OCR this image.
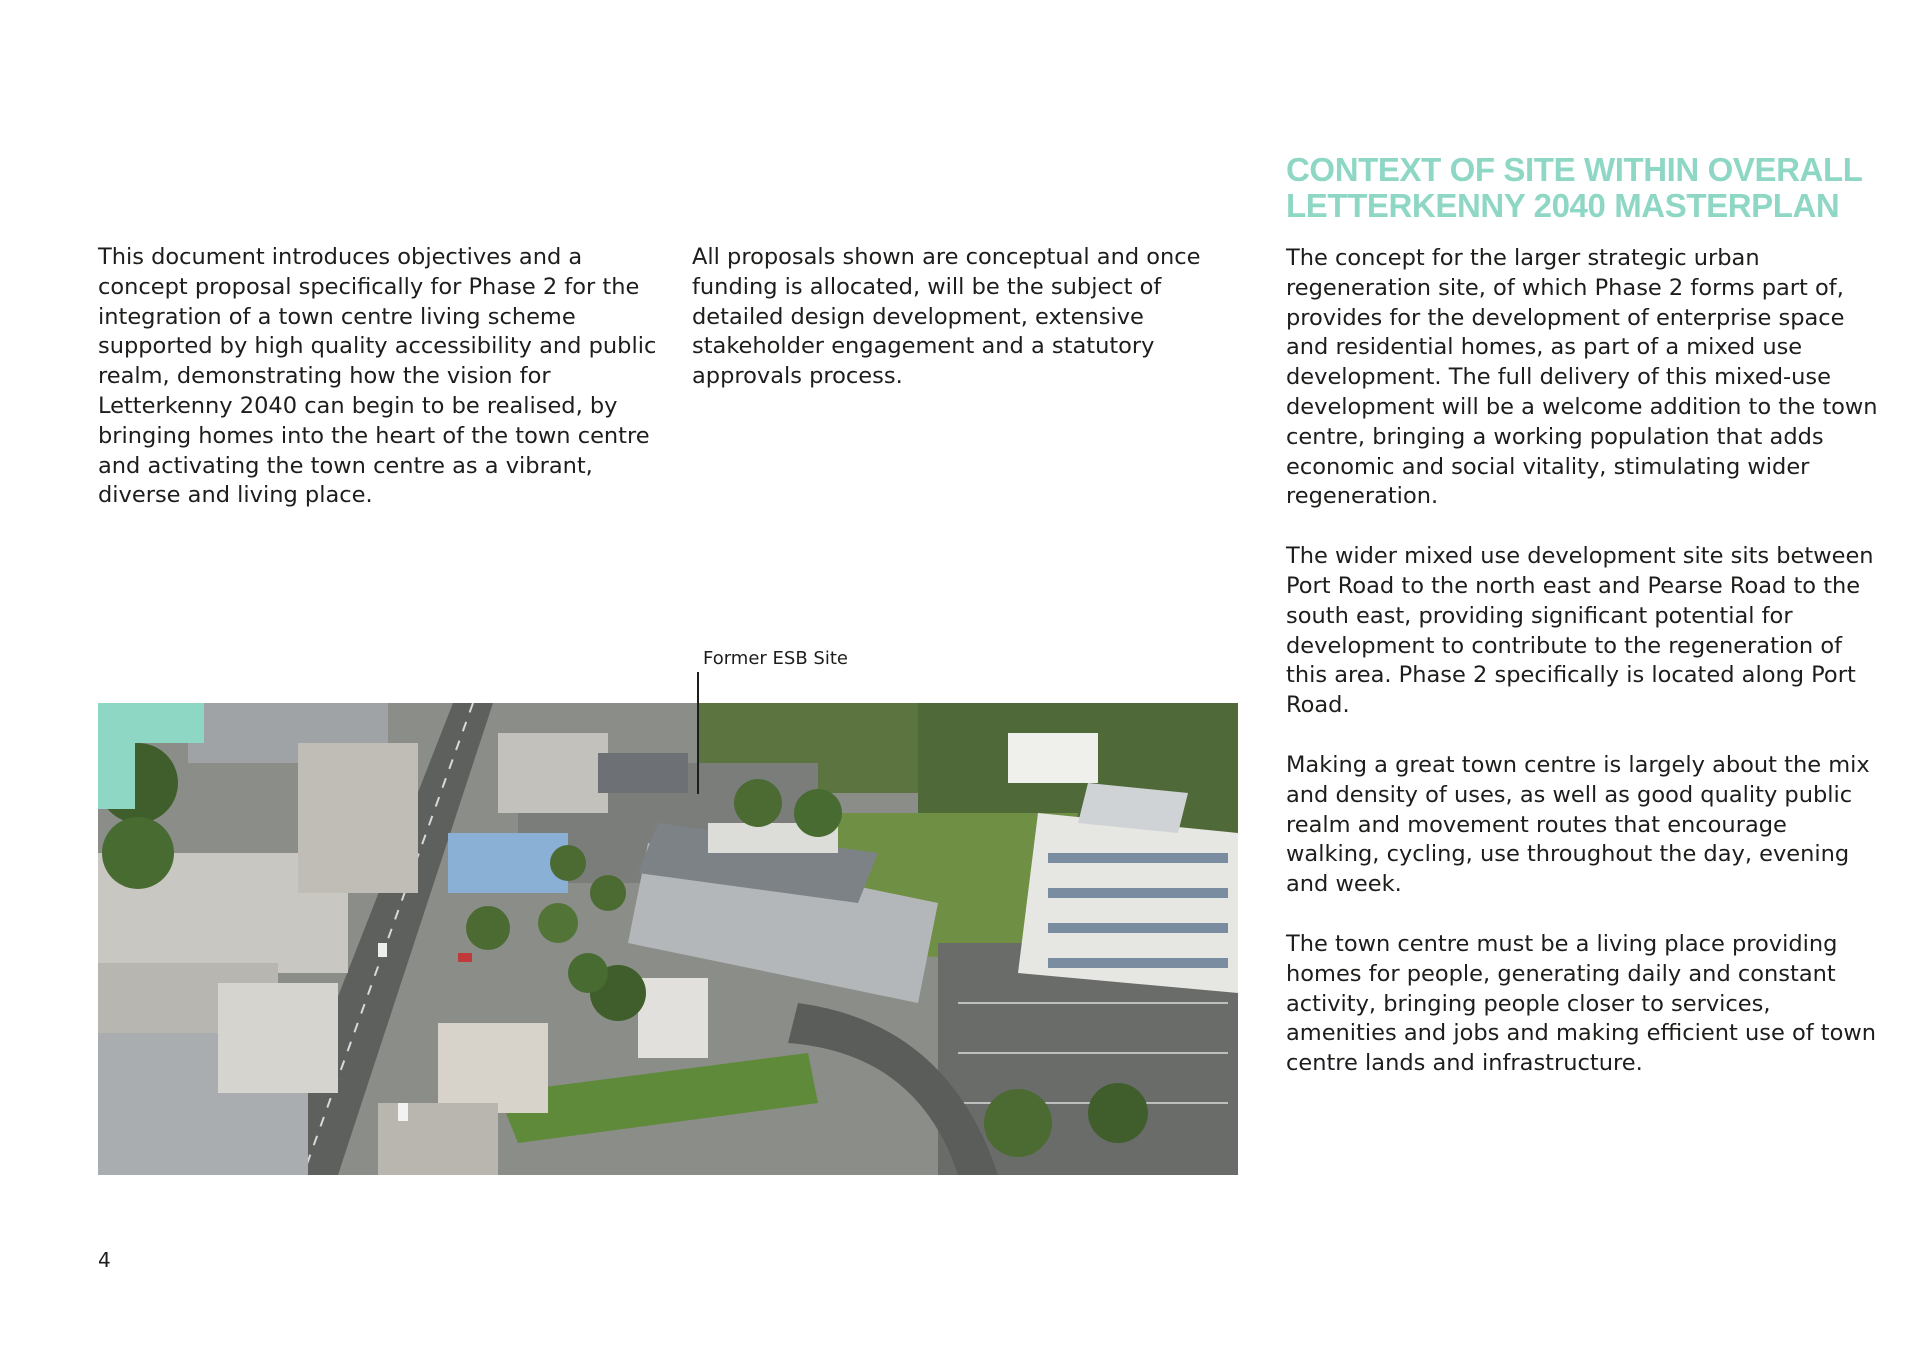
This document introduces objectives and a concept proposal specifically for Phase 2 for the integration of a town centre living scheme supported by high quality accessibility and public realm, demonstrating how the vision for Letterkenny 2040 can begin to be realised, by bringing homes into the heart of the town centre and activating the town centre as a vibrant, diverse and living place.

All proposals shown are conceptual and once funding is allocated, will be the subject of detailed design development, extensive stakeholder engagement and a statutory approvals process.

CONTEXT OF SITE WITHIN OVERALL LETTERKENNY 2040 MASTERPLAN

The concept for the larger strategic urban regeneration site, of which Phase 2 forms part of, provides for the development of enterprise space and residential homes, as part of a mixed use development. The full delivery of this mixed-use development will be a welcome addition to the town centre, bringing a working population that adds economic and social vitality, stimulating wider regeneration.

The wider mixed use development site sits between Port Road to the north east and Pearse Road to the south east, providing significant potential for development to contribute to the regeneration of this area. Phase 2 specifically is located along Port Road.

Making a great town centre is largely about the mix and density of uses, as well as good quality public realm and movement routes that encourage walking, cycling, use throughout the day, evening and week.

The town centre must be a living place providing homes for people, generating daily and constant activity, bringing people closer to services, amenities and jobs and making efficient use of town centre lands and infrastructure.

Former ESB Site
4
